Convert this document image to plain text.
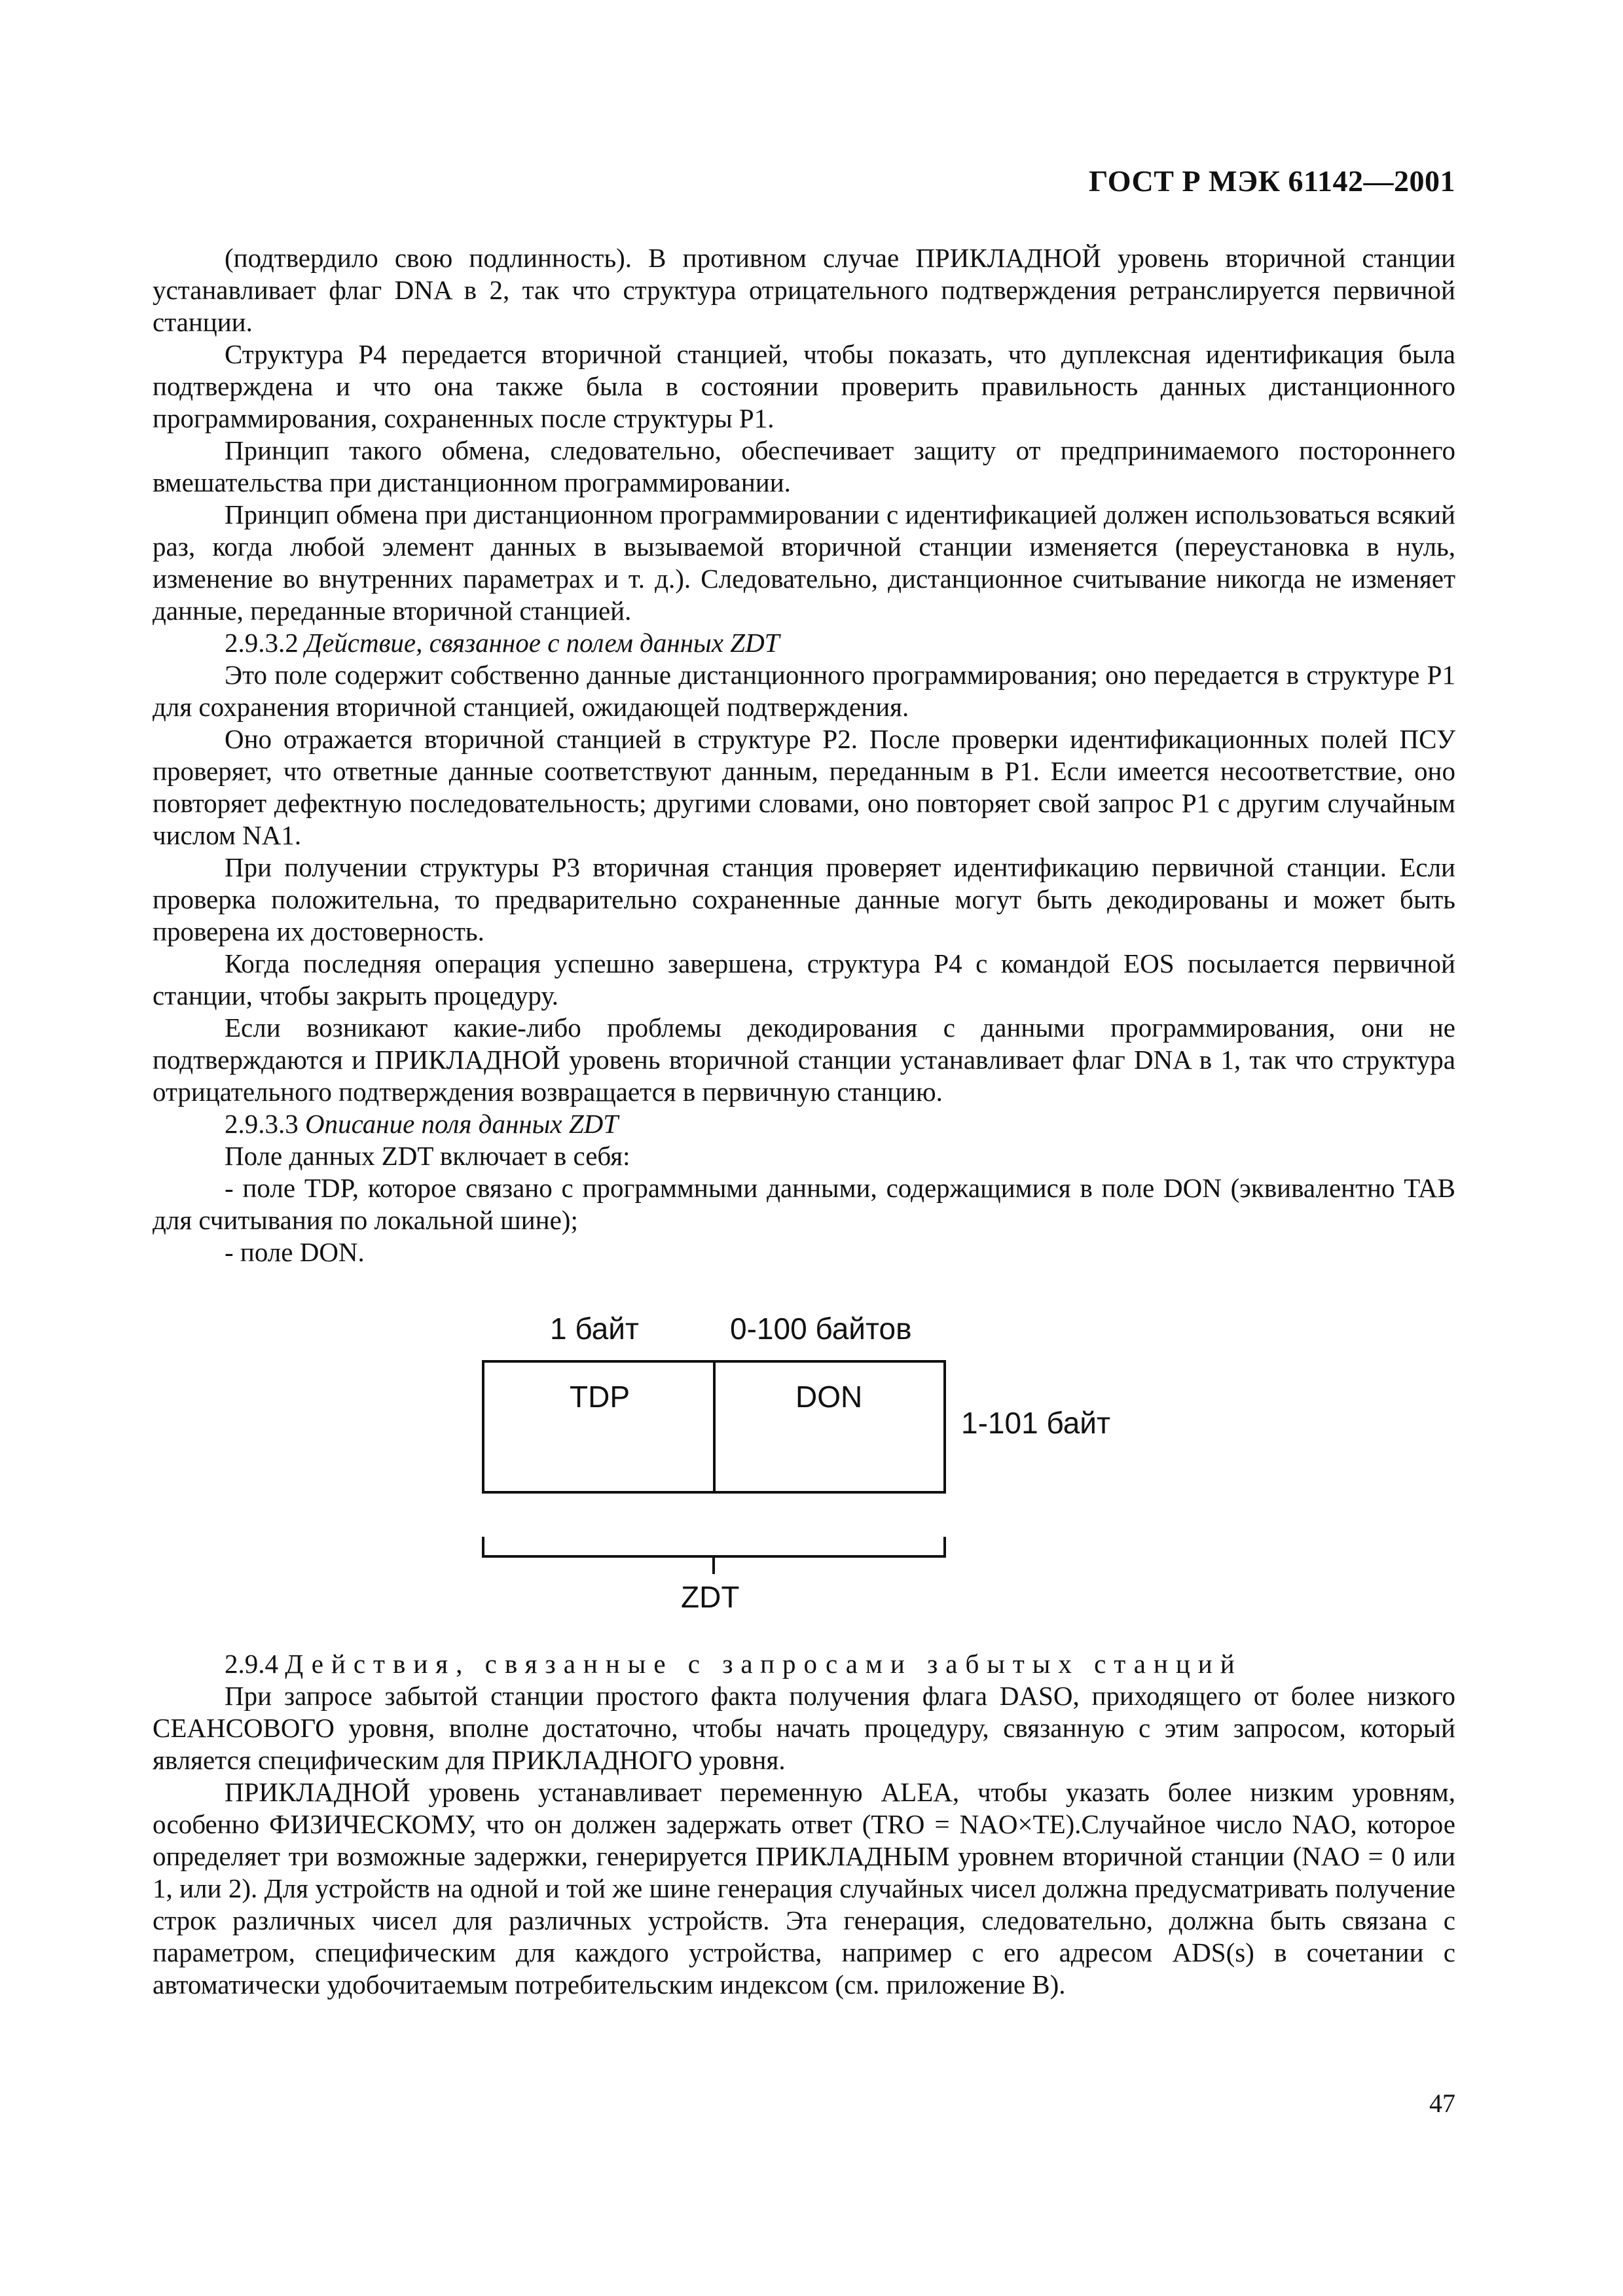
ГОСТ Р МЭК 61142—2001

(подтвердило свою подлинность). В противном случае ПРИКЛАДНОЙ уровень вторичной станции устанавливает флаг DNA в 2, так что структура отрицательного подтверждения ретранслируется первичной станции.

Структура P4 передается вторичной станцией, чтобы показать, что дуплексная идентификация была подтверждена и что она также была в состоянии проверить правильность данных дистанционного программирования, сохраненных после структуры P1.

Принцип такого обмена, следовательно, обеспечивает защиту от предпринимаемого постороннего вмешательства при дистанционном программировании.

Принцип обмена при дистанционном программировании с идентификацией должен использоваться всякий раз, когда любой элемент данных в вызываемой вторичной станции изменяется (переустановка в нуль, изменение во внутренних параметрах и т. д.). Следовательно, дистанционное считывание никогда не изменяет данные, переданные вторичной станцией.

2.9.3.2 Действие, связанное с полем данных ZDT

Это поле содержит собственно данные дистанционного программирования; оно передается в структуре P1 для сохранения вторичной станцией, ожидающей подтверждения.

Оно отражается вторичной станцией в структуре P2. После проверки идентификационных полей ПСУ проверяет, что ответные данные соответствуют данным, переданным в P1. Если имеется несоответствие, оно повторяет дефектную последовательность; другими словами, оно повторяет свой запрос P1 с другим случайным числом NA1.

При получении структуры P3 вторичная станция проверяет идентификацию первичной станции. Если проверка положительна, то предварительно сохраненные данные могут быть декодированы и может быть проверена их достоверность.

Когда последняя операция успешно завершена, структура P4 с командой EOS посылается первичной станции, чтобы закрыть процедуру.

Если возникают какие-либо проблемы декодирования с данными программирования, они не подтверждаются и ПРИКЛАДНОЙ уровень вторичной станции устанавливает флаг DNA в 1, так что структура отрицательного подтверждения возвращается в первичную станцию.

2.9.3.3 Описание поля данных ZDT

Поле данных ZDT включает в себя:

- поле TDP, которое связано с программными данными, содержащимися в поле DON (эквивалентно TAB для считывания по локальной шине);

- поле DON.

1 байт	0-100 байтов
TDP	DON
1-101 байт
ZDT

2.9.4 Действия, связанные с запросами забытых станций

При запросе забытой станции простого факта получения флага DASO, приходящего от более низкого СЕАНСОВОГО уровня, вполне достаточно, чтобы начать процедуру, связанную с этим запросом, который является специфическим для ПРИКЛАДНОГО уровня.

ПРИКЛАДНОЙ уровень устанавливает переменную ALEA, чтобы указать более низким уровням, особенно ФИЗИЧЕСКОМУ, что он должен задержать ответ (TRO = NAO×TE).Случайное число NAO, которое определяет три возможные задержки, генерируется ПРИКЛАДНЫМ уровнем вторичной станции (NAO = 0 или 1, или 2). Для устройств на одной и той же шине генерация случайных чисел должна предусматривать получение строк различных чисел для различных устройств. Эта генерация, следовательно, должна быть связана с параметром, специфическим для каждого устройства, например с его адресом ADS(s) в сочетании с автоматически удобочитаемым потребительским индексом (см. приложение В).

47
